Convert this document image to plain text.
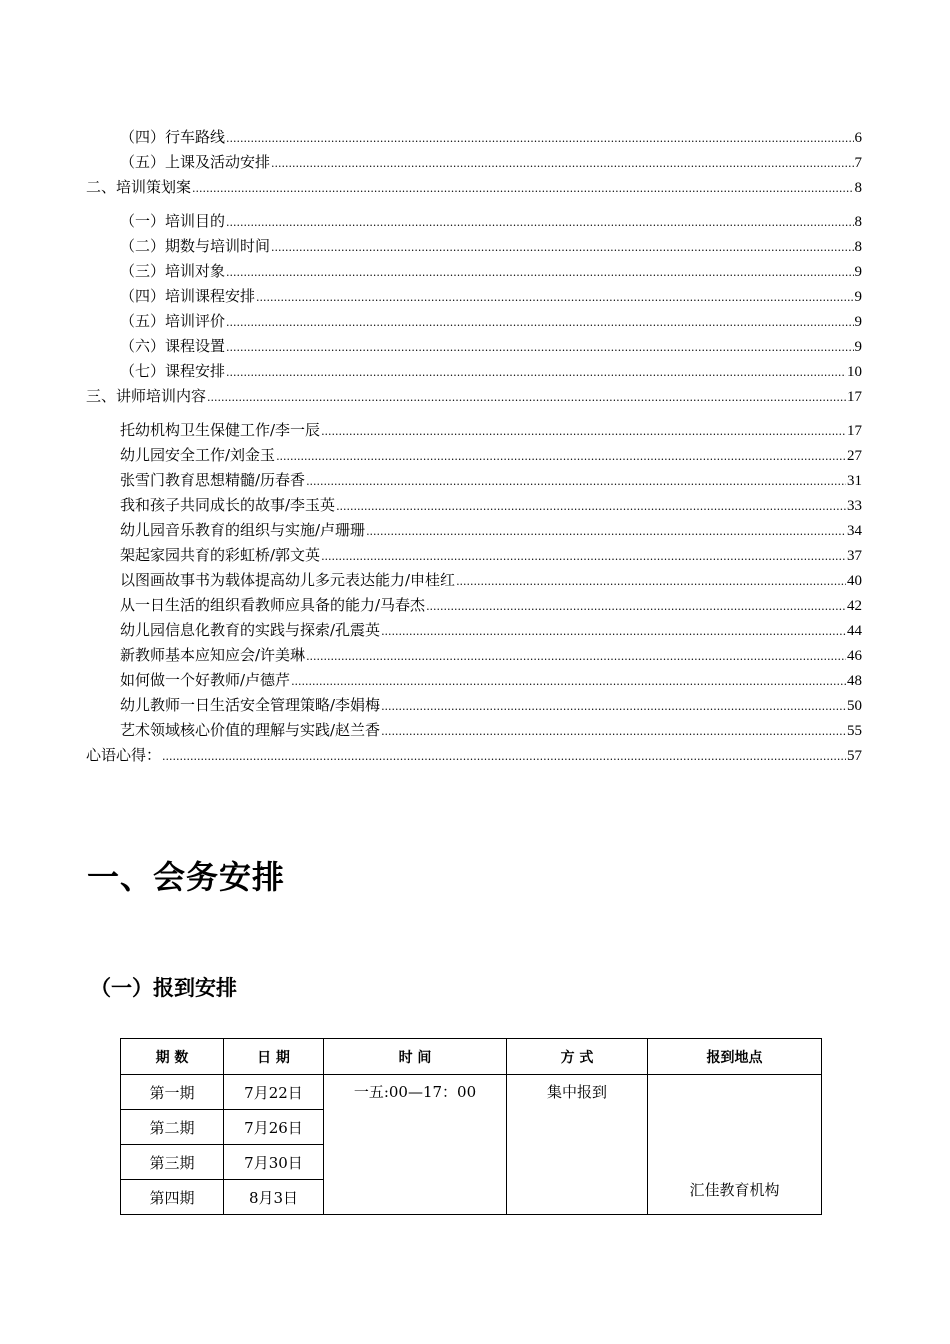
（四）行车路线 .....	6
（五）上课及活动安排 .....	7
二、培训策划案 .....	8
（一）培训目的 .....	8
（二）期数与培训时间 .....	8
（三）培训对象 .....	9
（四）培训课程安排 .....	9
（五）培训评价 .....	9
（六）课程设置 .....	9
（七）课程安排 .....	10
三、讲师培训内容 .....	17
托幼机构卫生保健工作/李一辰 .....	17
幼儿园安全工作/刘金玉 .....	27
张雪门教育思想精髓/历春香 .....	31
我和孩子共同成长的故事/李玉英 .....	33
幼儿园音乐教育的组织与实施/卢珊珊 .....	34
架起家园共育的彩虹桥/郭文英 .....	37
以图画故事书为载体提高幼儿多元表达能力/申桂红 .....	40
从一日生活的组织看教师应具备的能力/马春杰 .....	42
幼儿园信息化教育的实践与探索/孔震英 .....	44
新教师基本应知应会/许美琳 .....	46
如何做一个好教师/卢德芹 .....	48
幼儿教师一日生活安全管理策略/李娟梅 .....	50
艺术领域核心价值的理解与实践/赵兰香 .....	55
心语心得： .....	57
一、会务安排
（一）报到安排
期 数	日 期	时 间	方 式	报到地点
第一期	7月22日	一五:00—17：00	集中报到	汇佳教育机构
第二期	7月26日			
第三期	7月30日			
第四期	8月3日			
